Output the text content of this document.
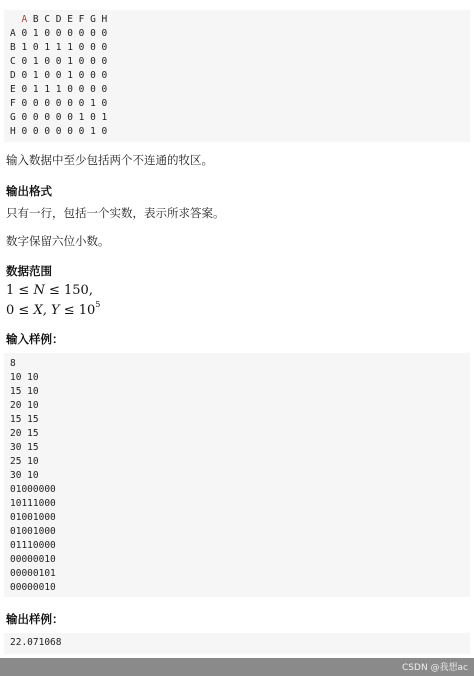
A B C D E F G H
A 0 1 0 0 0 0 0 0
B 1 0 1 1 1 0 0 0
C 0 1 0 0 1 0 0 0
D 0 1 0 0 1 0 0 0
E 0 1 1 1 0 0 0 0
F 0 0 0 0 0 0 1 0
G 0 0 0 0 0 1 0 1
H 0 0 0 0 0 0 1 0
输入数据中至少包括两个不连通的牧区。
输出格式
只有一行，包括一个实数，表示所求答案。
数字保留六位小数。
数据范围
1 ≤ N ≤ 150,
0 ≤ X, $Y \le 10^5$
输入样例：
8
10 10
15 10
20 10
15 15
20 15
30 15
25 10
30 10
01000000
10111000
01001000
01001000
01110000
00000010
00000101
00000010
输出样例：
22.071068
CSDN @我想ac
